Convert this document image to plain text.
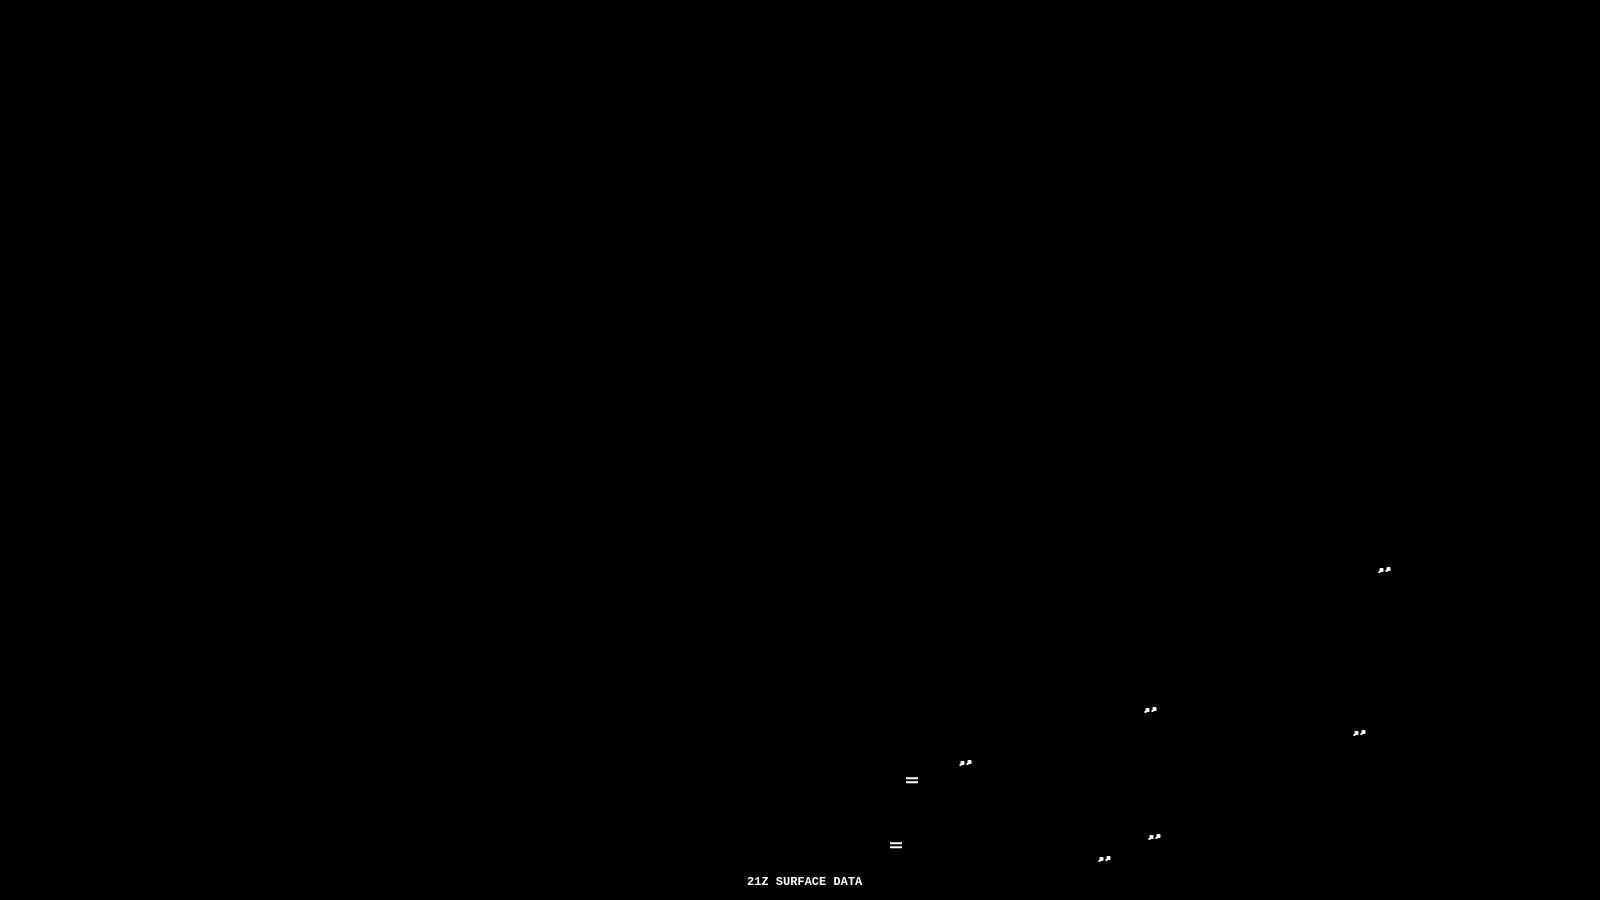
21Z SURFACE DATA
